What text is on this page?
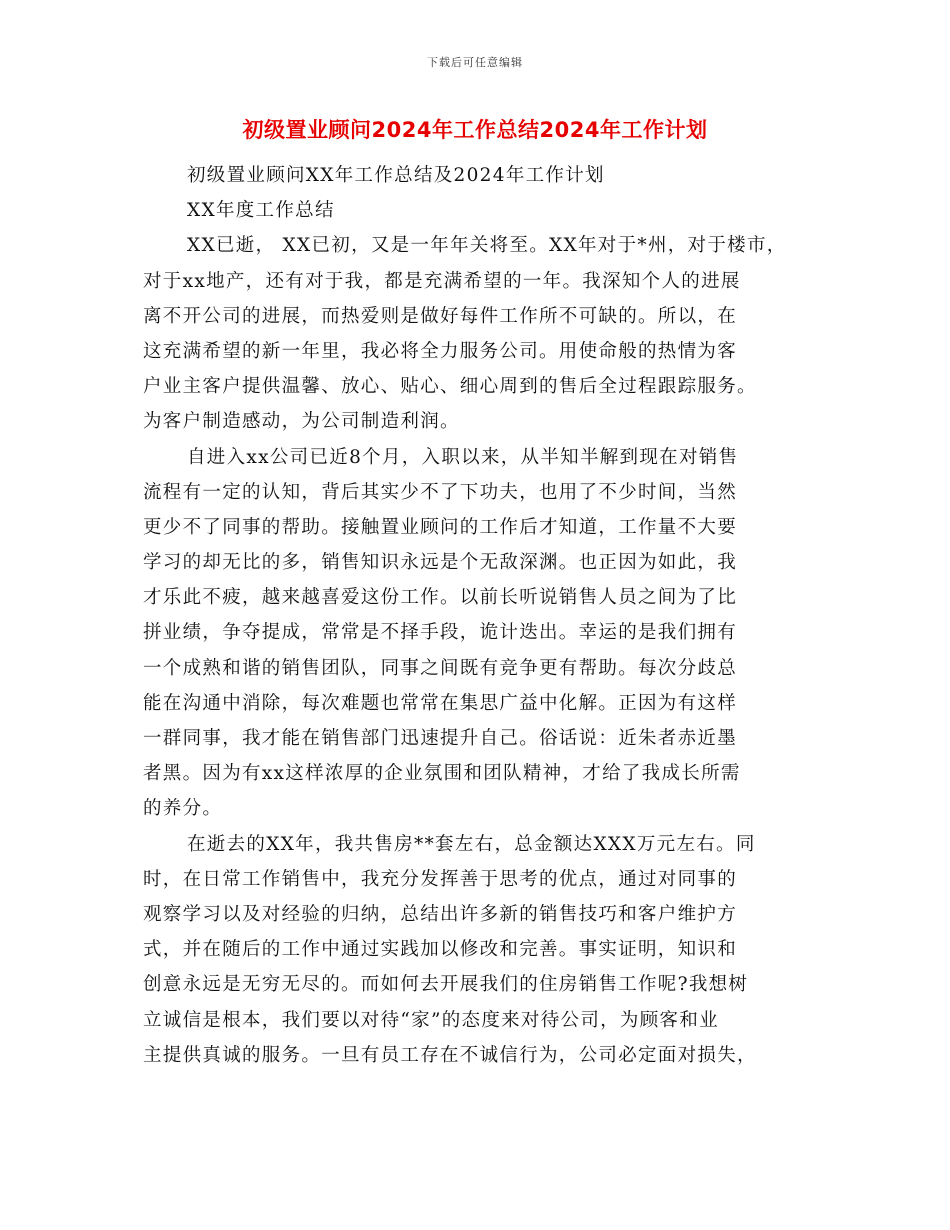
下载后可任意编辑
初级置业顾问2024年工作总结2024年工作计划
初级置业顾问XX年工作总结及2024年工作计划
XX年度工作总结
XX已逝， XX已初，又是一年年关将至。XX年对于*州，对于楼市，
对于xx地产，还有对于我，都是充满希望的一年。我深知个人的进展
离不开公司的进展，而热爱则是做好每件工作所不可缺的。所以，在
这充满希望的新一年里，我必将全力服务公司。用使命般的热情为客
户业主客户提供温馨、放心、贴心、细心周到的售后全过程跟踪服务。
为客户制造感动，为公司制造利润。
自进入xx公司已近8个月，入职以来，从半知半解到现在对销售
流程有一定的认知，背后其实少不了下功夫，也用了不少时间，当然
更少不了同事的帮助。接触置业顾问的工作后才知道，工作量不大要
学习的却无比的多，销售知识永远是个无敌深渊。也正因为如此，我
才乐此不疲，越来越喜爱这份工作。以前长听说销售人员之间为了比
拼业绩，争夺提成，常常是不择手段，诡计迭出。幸运的是我们拥有
一个成熟和谐的销售团队，同事之间既有竞争更有帮助。每次分歧总
能在沟通中消除，每次难题也常常在集思广益中化解。正因为有这样
一群同事，我才能在销售部门迅速提升自己。俗话说：近朱者赤近墨
者黑。因为有xx这样浓厚的企业氛围和团队精神，才给了我成长所需
的养分。
在逝去的XX年，我共售房**套左右，总金额达XXX万元左右。同
时，在日常工作销售中，我充分发挥善于思考的优点，通过对同事的
观察学习以及对经验的归纳，总结出许多新的销售技巧和客户维护方
式，并在随后的工作中通过实践加以修改和完善。事实证明，知识和
创意永远是无穷无尽的。而如何去开展我们的住房销售工作呢?我想树
立诚信是根本，我们要以对待“家”的态度来对待公司，为顾客和业
主提供真诚的服务。一旦有员工存在不诚信行为，公司必定面对损失，
